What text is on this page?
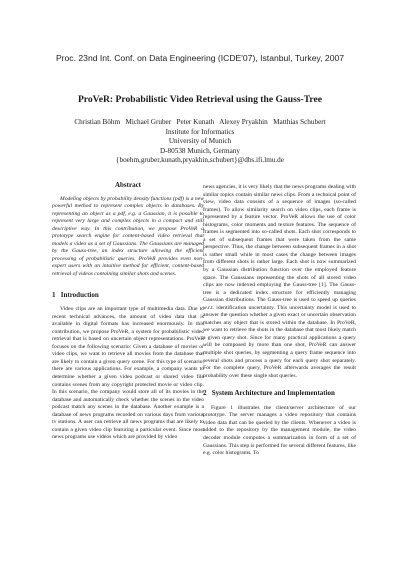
Proc. 23nd Int. Conf. on Data Engineering (ICDE'07), Istanbul, Turkey, 2007
ProVeR: Probabilistic Video Retrieval using the Gauss-Tree
Christian Böhm   Michael Gruber   Peter Kunath   Alexey Pryakhin   Matthias Schubert
Institute for Informatics
University of Munich
D-80538 Munich, Germany
{boehm,gruber,kunath,pryakhin,schubert}@dbs.ifi.lmu.de
Abstract

Modeling objects by probability density functions (pdf) is a new powerful method to represent complex objects in databases. By representing an object as a pdf, e.g. a Gaussian, it is possible to represent very large and complex objects in a compact and still descriptive way. In this contribution, we propose ProVeR a prototype search engine for content-based video retrieval that models a video as a set of Gaussians. The Gaussians are managed by the Gauss-tree, an index structure allowing the efficient processing of probabilistic queries. ProVeR provides even non-expert users with an intuitive method for efficient, content-based retrieval of videos containing similar shots and scenes.

1   Introduction

Video clips are an important type of multimedia data. Due to recent technical advances, the amount of video data that is available in digital formats has increased enormously. In this contribution, we propose ProVeR, a system for probabilistic video retrieval that is based on uncertain object representations. ProVeR focuses on the following scenario: Given a database of movies or video clips, we want to retrieve all movies from the database that are likely to contain a given query scene. For this type of scenario, there are various applications. For example, a company wants to determine whether a given video podcast or shared video file contains scenes from any copyright protected movie or video clip. In this scenario, the company would store all of its movies in the database and automatically check whether the scenes in the video podcast match any scenes in the database. Another example is a database of news programs recorded on various days from various tv stations. A user can retrieve all news programs that are likely to contain a given video clip featuring a particular event. Since most news programs use videos which are provided by video

news agencies, it is very likely that the news programs dealing with similar topics contain similar news clips. From a technical point of view, video data consists of a sequence of images (so-called frames). To allow similarity search on video clips, each frame is represented by a feature vector. ProVeR allows the use of color histograms, color moments and texture features. The sequence of frames is segmented into so-called shots. Each shot corresponds to a set of subsequent frames that were taken from the same perspective. Thus, the change between subsequent frames in a shot is rather small while in most cases the change between images from different shots is rather large. Each shot is now summarized by a Gaussian distribution function over the employed feature space. The Gaussians representing the shots of all stored video clips are now indexed employing the Gauss-tree [1]. The Gauss-tree is a dedicated index structure for efficiently managing Gaussian distributions. The Gauss-tree is used to speed up queries w.r.t. identification uncertainty. This uncertainty model is used to answer the question whether a given exact or uncertain observation matches any object that is stored within the database. In ProVeR, we want to retrieve the shots in the database that most likely match a given query shot. Since for many practical applications a query will be composed by more than one shot, ProVeR can answer multiple shot queries, by segmenting a query frame sequence into several shots and process a query for each query shot separately. For the complete query, ProVeR afterwards averages the result probability over these single shot queries.

2   System Architecture and Implementation

Figure 1 illustrates the client/server architecture of our prototype. The server manages a video repository that contains video data that can be queried by the clients. Whenever a video is added to the repository by the management module, the video decoder module computes a summarization in form of a set of Gaussians. This step is performed for several different features, like e.g. color histograms. To
